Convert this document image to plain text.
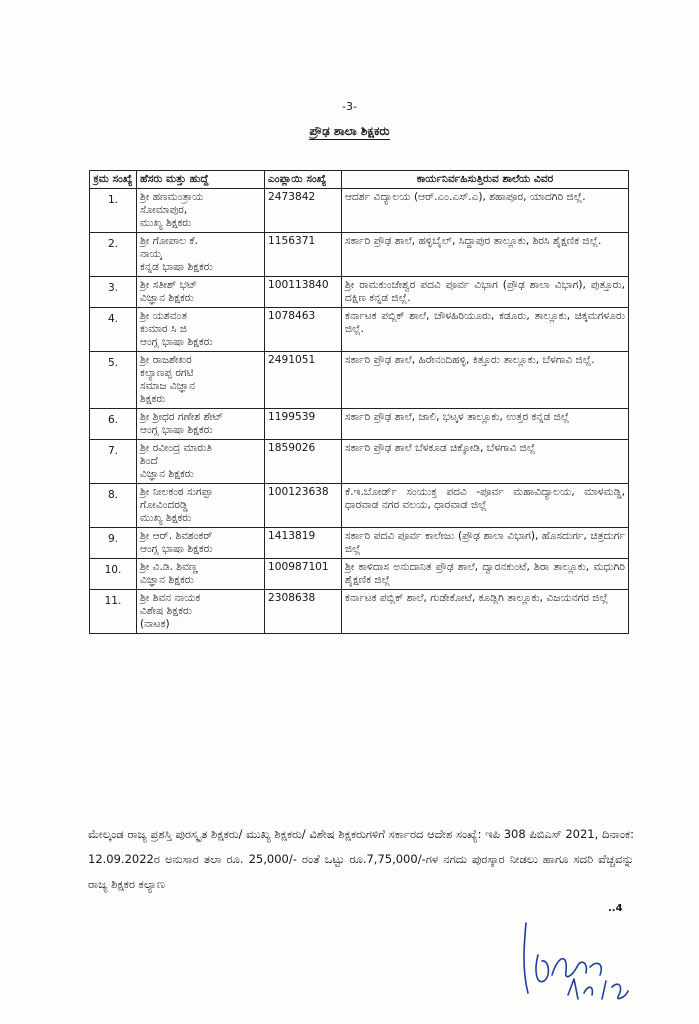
-3-
ಪ್ರೌಢ ಶಾಲಾ ಶಿಕ್ಷಕರು
ಕ್ರಮ ಸಂಖ್ಯೆ	ಹೆಸರು ಮತ್ತು ಹುದ್ದೆ	ಎಂಪ್ಲಾಯಿ ಸಂಖ್ಯೆ	ಕಾರ್ಯನಿರ್ವಹಿಸುತ್ತಿರುವ ಶಾಲೆಯ ವಿವರ
1.	ಶ್ರೀ ಹಣಮಂತ್ರಾಯ
ಸೋಮಾಪುರ,
ಮುಖ್ಯ ಶಿಕ್ಷಕರು	2473842	ಆದರ್ಶ ವಿದ್ಯಾಲಯ (ಆರ್.ಎಂ.ಎಸ್.ಎ), ಶಹಾಪೂರ, ಯಾದಗಿರಿ ಜಿಲ್ಲೆ.
2.	ಶ್ರೀ ಗೋಪಾಲ ಕೆ.
ನಾಯ್ಕ
ಕನ್ನಡ ಭಾಷಾ ಶಿಕ್ಷಕರು	1156371	ಸರ್ಕಾರಿ ಪ್ರೌಢ ಶಾಲೆ, ಹಳ್ಳಿಬೈಲ್, ಸಿದ್ದಾಪುರ ತಾಲ್ಲೂಕು, ಶಿರಸಿ ಶೈಕ್ಷಣಿಕ ಜಿಲ್ಲೆ.
3.	ಶ್ರೀ ಸತೀಶ್ ಭಟ್
ವಿಜ್ಞಾನ ಶಿಕ್ಷಕರು	100113840	ಶ್ರೀ ರಾಮಕುಂಜೇಶ್ವರ ಪದವಿ ಪೂರ್ವ ವಿಭಾಗ (ಪ್ರೌಢ ಶಾಲಾ ವಿಭಾಗ), ಪುತ್ತೂರು, ದಕ್ಷಿಣ ಕನ್ನಡ ಜಿಲ್ಲೆ.
4.	ಶ್ರೀ ಯಶವಂತ
ಕುಮಾರ ಸಿ ಜಿ
ಆಂಗ್ಲ ಭಾಷಾ ಶಿಕ್ಷಕರು	1078463	ಕರ್ನಾಟಕ ಪಬ್ಲಿಕ್ ಶಾಲೆ, ಚೌಳಹಿರಿಯೂರು, ಕಡೂರು, ತಾಲ್ಲೂಕು, ಚಿಕ್ಕಮಗಳೂರು ಜಿಲ್ಲೆ.
5.	ಶ್ರೀ ರಾಜಶೇಖರ
ಕಲ್ಯಾಣಪ್ಪ ರಗಟಿ
ಸಮಾಜ ವಿಜ್ಞಾನ
ಶಿಕ್ಷಕರು	2491051	ಸರ್ಕಾರಿ ಪ್ರೌಢ ಶಾಲೆ, ಹಿರೇನಂದಿಹಳ್ಳಿ, ಕಿತ್ತೂರು ತಾಲ್ಲೂಕು, ಬೆಳಗಾವಿ ಜಿಲ್ಲೆ.
6.	ಶ್ರೀ ಶ್ರೀಧರ ಗಣೇಶ ಶೇಟ್
ಆಂಗ್ಲ ಭಾಷಾ ಶಿಕ್ಷಕರು	1199539	ಸರ್ಕಾರಿ ಪ್ರೌಢ ಶಾಲೆ, ಜಾಲಿ, ಭಟ್ಕಳ ತಾಲ್ಲೂಕು, ಉತ್ತರ ಕನ್ನಡ ಜಿಲ್ಲೆ
7.	ಶ್ರೀ ರವೀಂದ್ರ ಮಾರುತಿ
ಶಿಂದೆ
ವಿಜ್ಞಾನ ಶಿಕ್ಷಕರು	1859026	ಸರ್ಕಾರಿ ಪ್ರೌಢ ಶಾಲೆ ಬೆಳಕೂಡ ಚಿಕ್ಕೋಡಿ, ಬೆಳಗಾವಿ ಜಿಲ್ಲೆ
8.	ಶ್ರೀ ನೀಲಕಂಠ ಸುಗಪ್ಪಾ
ಗೋವಿಂದರಡ್ಡಿ
ಮುಖ್ಯ ಶಿಕ್ಷಕರು	100123638	ಕೆ.ಇ.ಬೋರ್ಡ್ ಸಂಯುಕ್ತ ಪದವಿ -ಪೂರ್ವ ಮಹಾವಿದ್ಯಾಲಯ, ಮಾಳಮಡ್ಡಿ, ಧಾರವಾಡ ನಗರ ವಲಯ, ಧಾರವಾಡ ಜಿಲ್ಲೆ
9.	ಶ್ರೀ ಆರ್. ಶಿವಶಂಕರ್
ಆಂಗ್ಲ ಭಾಷಾ ಶಿಕ್ಷಕರು	1413819	ಸರ್ಕಾರಿ ಪದವಿ ಪೂರ್ವ ಕಾಲೇಜು (ಪ್ರೌಢ ಶಾಲಾ ವಿಭಾಗ), ಹೊಸದುರ್ಗ, ಚಿತ್ರದುರ್ಗ ಜಿಲ್ಲೆ
10.	ಶ್ರೀ ವಿ.ಡಿ. ಶಿವಣ್ಣ
ವಿಜ್ಞಾನ ಶಿಕ್ಷಕರು	100987101	ಶ್ರೀ ಕಾಳಿದಾಸ ಅನುದಾನಿತ ಪ್ರೌಢ ಶಾಲೆ, ದ್ವಾರನಕುಂಟೆ, ಶಿರಾ ತಾಲ್ಲೂಕು, ಮಧುಗಿರಿ ಶೈಕ್ಷಣಿಕ ಜಿಲ್ಲೆ
11.	ಶ್ರೀ ಶಿವನ ನಾಯಕ
ವಿಶೇಷ ಶಿಕ್ಷಕರು
(ನಾಟಕ)	2308638	ಕರ್ನಾಟಕ ಪಬ್ಲಿಕ್ ಶಾಲೆ, ಗುಡೇಕೋಟೆ, ಕೂಡ್ಲಿಗಿ ತಾಲ್ಲೂಕು, ವಿಜಯನಗರ ಜಿಲ್ಲೆ
ಮೇಲ್ಕಂಡ ರಾಜ್ಯ ಪ್ರಶಸ್ತಿ ಪುರಸ್ಕೃತ ಶಿಕ್ಷಕರು/ ಮುಖ್ಯ ಶಿಕ್ಷಕರು/ ವಿಶೇಷ ಶಿಕ್ಷಕರುಗಳಿಗೆ ಸರ್ಕಾರದ ಆದೇಶ ಸಂಖ್ಯೆ: ಇಪಿ 308 ಪಿಬಿಎಸ್ 2021, ದಿನಾಂಕ: 12.09.2022ರ ಅನುಸಾರ ತಲಾ ರೂ. 25,000/- ರಂತೆ ಒಟ್ಟು ರೂ.7,75,000/-ಗಳ ನಗದು ಪುರಸ್ಕಾರ ನೀಡಲು ಹಾಗೂ ಸದರಿ ವೆಚ್ಚವನ್ನು ರಾಜ್ಯ ಶಿಕ್ಷಕರ ಕಲ್ಯಾಣ
..4
